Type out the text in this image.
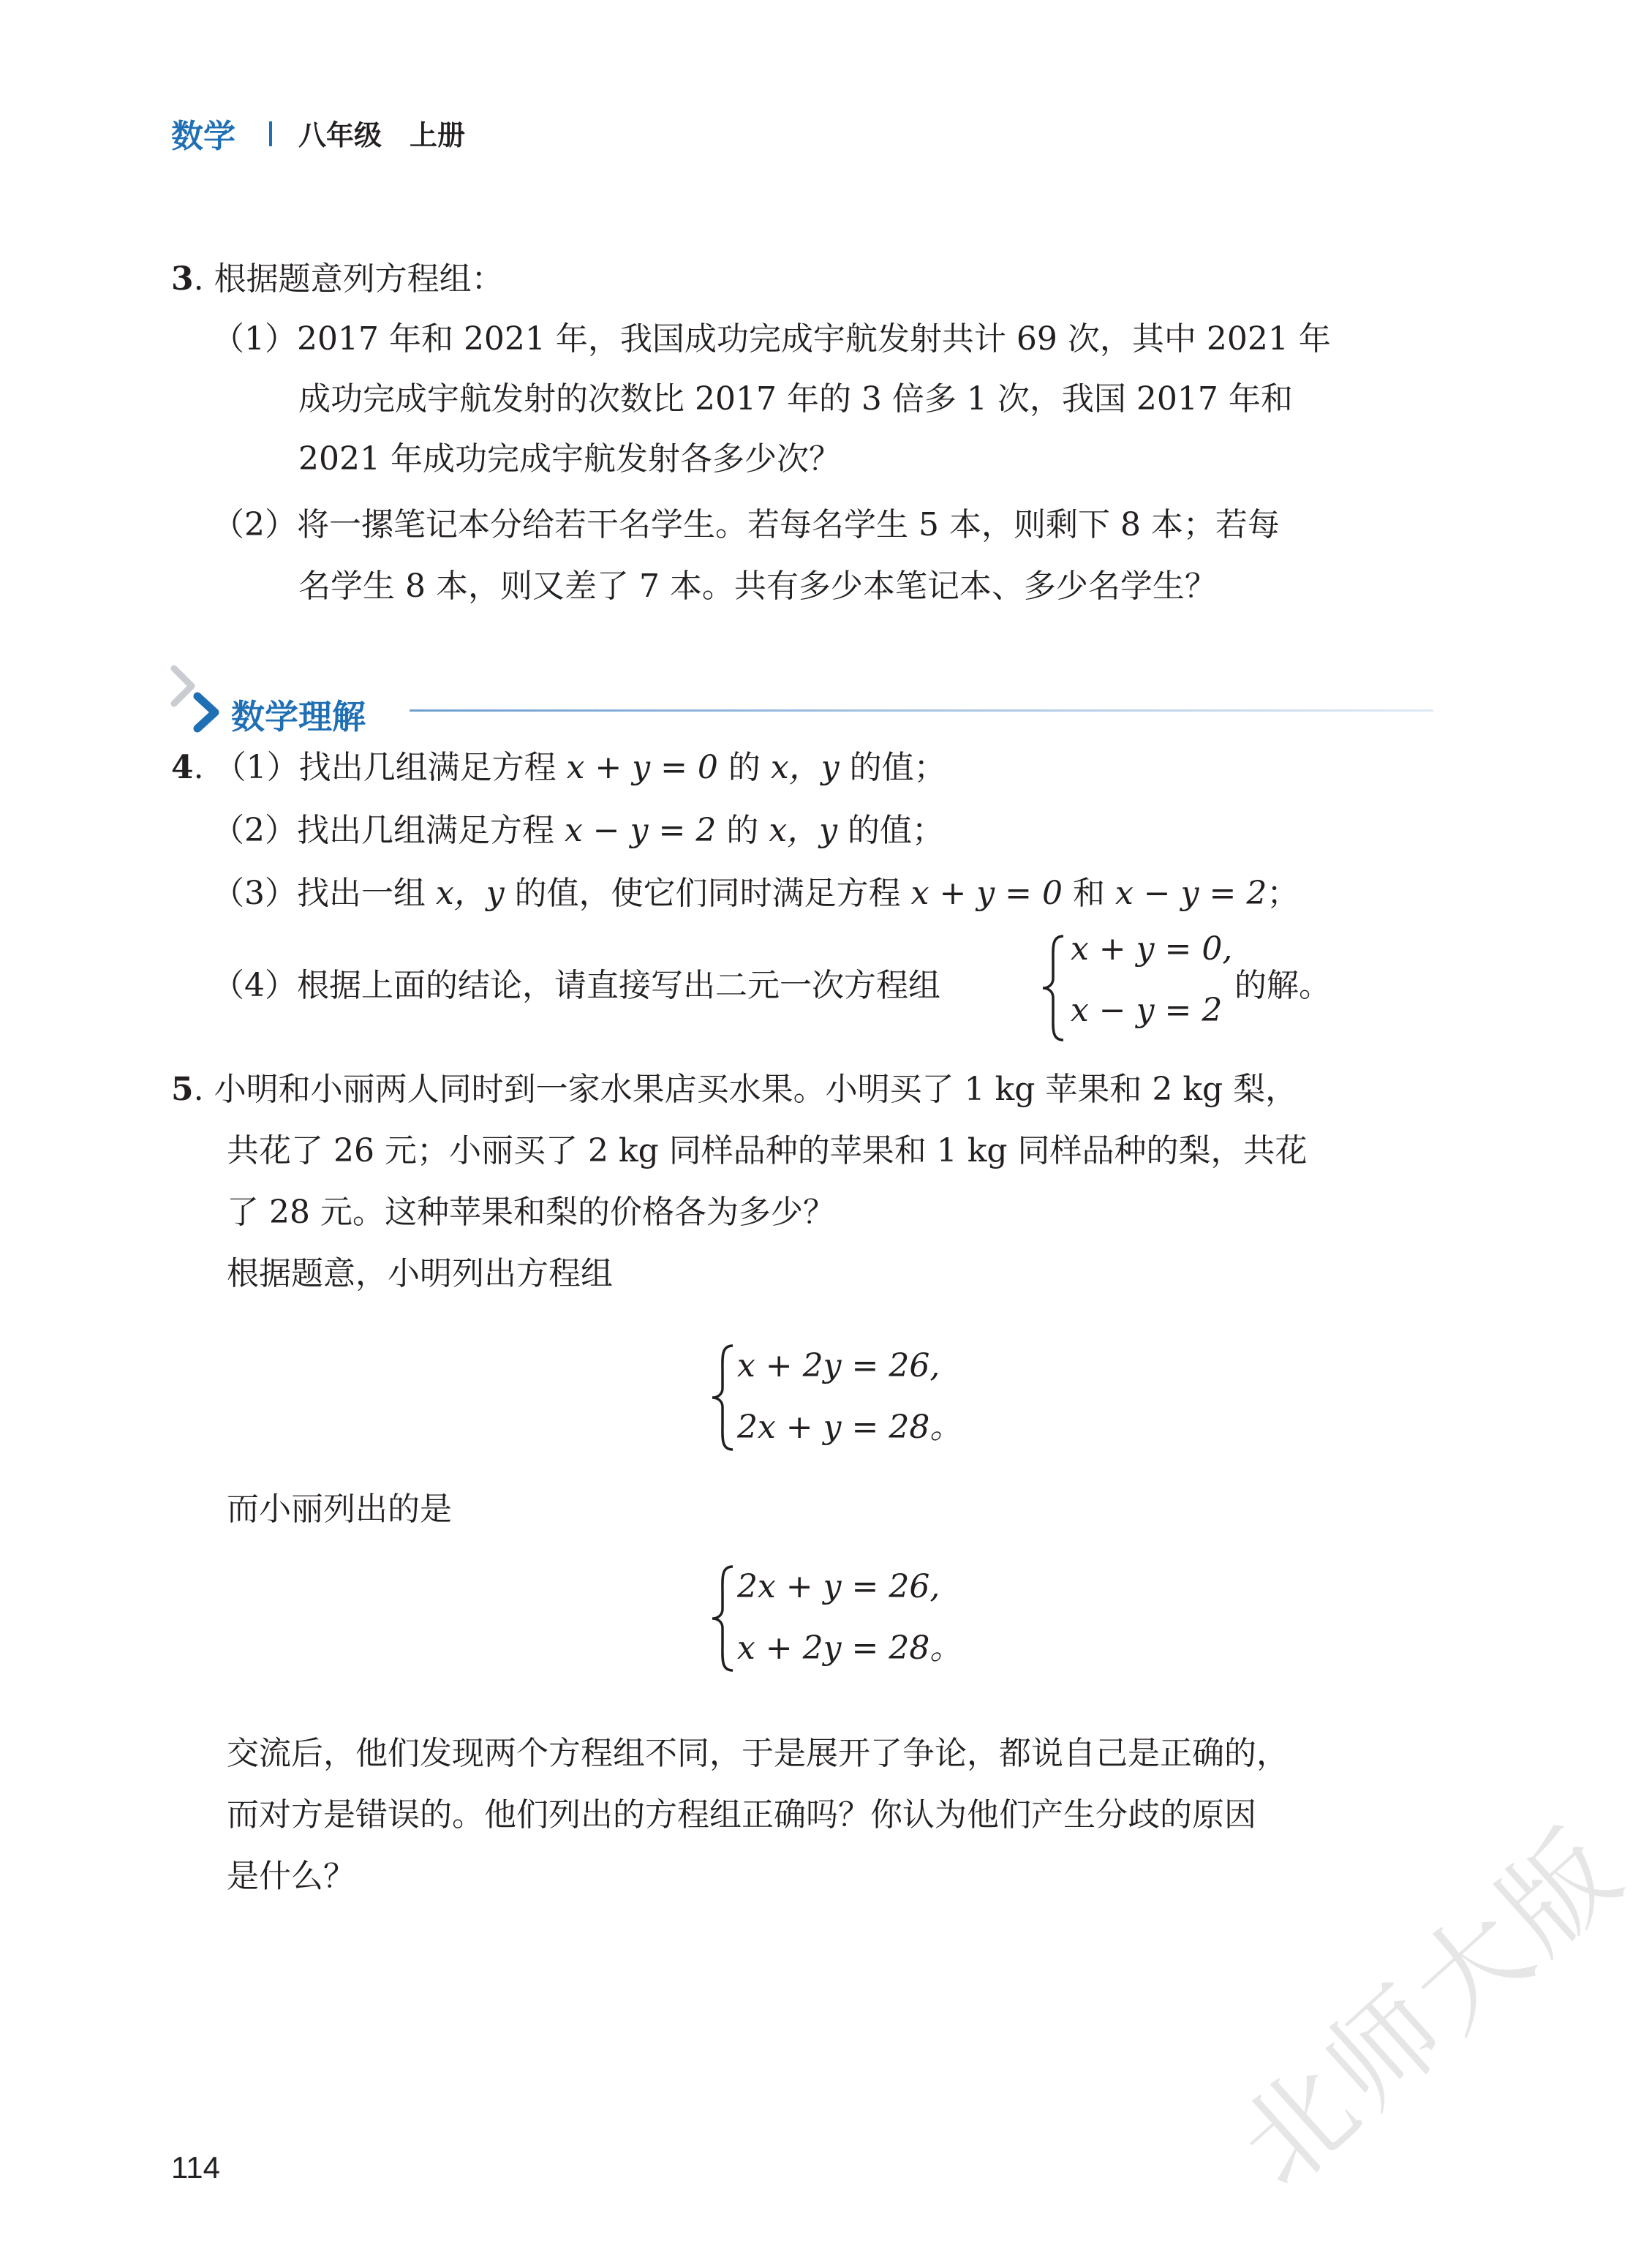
数学 八年级　上册
3. 根据题意列方程组：
（1）2017 年和 2021 年，我国成功完成宇航发射共计 69 次，其中 2021 年
成功完成宇航发射的次数比 2017 年的 3 倍多 1 次，我国 2017 年和
2021 年成功完成宇航发射各多少次？
（2）将一摞笔记本分给若干名学生。若每名学生 5 本，则剩下 8 本；若每
名学生 8 本，则又差了 7 本。共有多少本笔记本、多少名学生？
数学理解
4. （1）找出几组满足方程 x + y = 0 的 x，y 的值；
（2）找出几组满足方程 x − y = 2 的 x，y 的值；
（3）找出一组 x，y 的值，使它们同时满足方程 x + y = 0 和 x − y = 2；
（4）根据上面的结论，请直接写出二元一次方程组
x + y = 0,
x − y = 2
的解。
5. 小明和小丽两人同时到一家水果店买水果。小明买了 1 kg 苹果和 2 kg 梨，
共花了 26 元；小丽买了 2 kg 同样品种的苹果和 1 kg 同样品种的梨，共花
了 28 元。这种苹果和梨的价格各为多少？
根据题意，小明列出方程组
x + 2y = 26,
2x + y = 28。
而小丽列出的是
2x + y = 26,
x + 2y = 28。
交流后，他们发现两个方程组不同，于是展开了争论，都说自己是正确的，
而对方是错误的。他们列出的方程组正确吗？你认为他们产生分歧的原因
是什么？	北师大版
114
